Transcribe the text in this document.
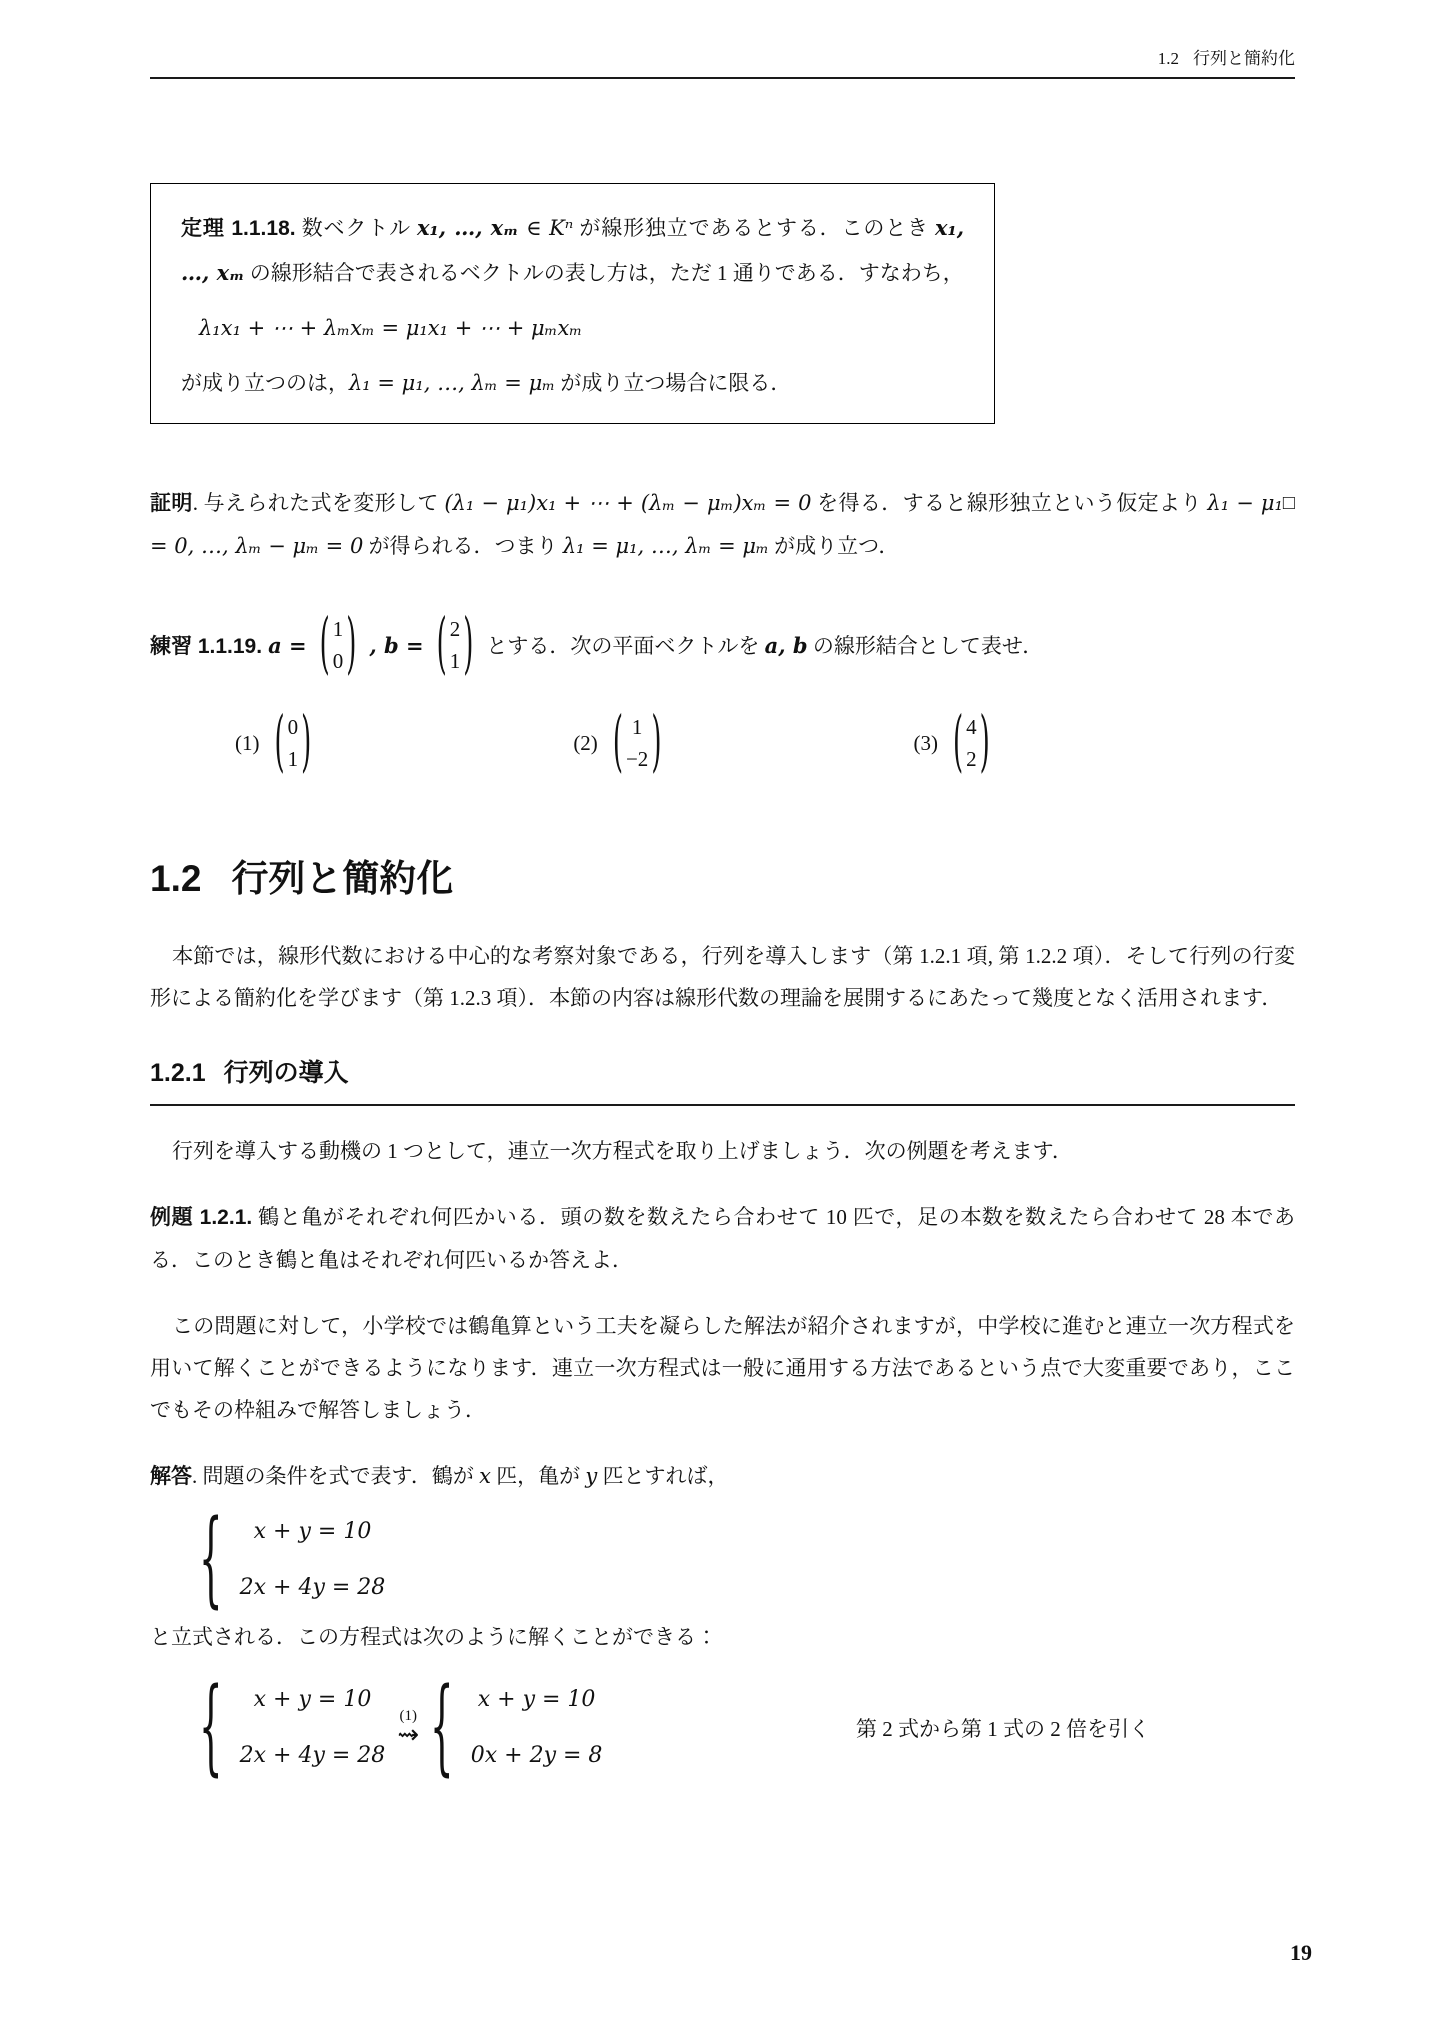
1.2 行列と簡約化
定理 1.1.18. 数ベクトル x₁, …, xₘ ∈ Kⁿ が線形独立であるとする．このとき x₁, …, xₘ の線形結合で表されるベクトルの表し方は，ただ 1 通りである．すなわち，
λ₁x₁ + ⋯ + λₘxₘ = μ₁x₁ + ⋯ + μₘxₘ
が成り立つのは，λ₁ = μ₁, …, λₘ = μₘ が成り立つ場合に限る．
□
証明. 与えられた式を変形して (λ₁ − μ₁)x₁ + ⋯ + (λₘ − μₘ)xₘ = 0 を得る．すると線形独立という仮定より λ₁ − μ₁ = 0, …, λₘ − μₘ = 0 が得られる．つまり λ₁ = μ₁, …, λₘ = μₘ が成り立つ．
練習 1.1.19. a = ( 1
0 ) , b = ( 2
1 ) とする．次の平面ベクトルを a, b の線形結合として表せ．
(1) ( 0
1 )	(2) ( 1
−2 )	(3) ( 4
2 )
1.2 行列と簡約化
本節では，線形代数における中心的な考察対象である，行列を導入します（第 1.2.1 項, 第 1.2.2 項）．そして行列の行変形による簡約化を学びます（第 1.2.3 項）．本節の内容は線形代数の理論を展開するにあたって幾度となく活用されます．
1.2.1 行列の導入
行列を導入する動機の 1 つとして，連立一次方程式を取り上げましょう．次の例題を考えます．
例題 1.2.1. 鶴と亀がそれぞれ何匹かいる．頭の数を数えたら合わせて 10 匹で，足の本数を数えたら合わせて 28 本である．このとき鶴と亀はそれぞれ何匹いるか答えよ．
この問題に対して，小学校では鶴亀算という工夫を凝らした解法が紹介されますが，中学校に進むと連立一次方程式を用いて解くことができるようになります．連立一次方程式は一般に通用する方法であるという点で大変重要であり，ここでもその枠組みで解答しましょう．
解答. 問題の条件を式で表す．鶴が x 匹，亀が y 匹とすれば，
{ x + y = 10
2x + 4y = 28
と立式される．この方程式は次のように解くことができる：
{ x + y = 10
2x + 4y = 28
(1)
⇝ { x + y = 10
0x + 2y = 8
第 2 式から第 1 式の 2 倍を引く
19
